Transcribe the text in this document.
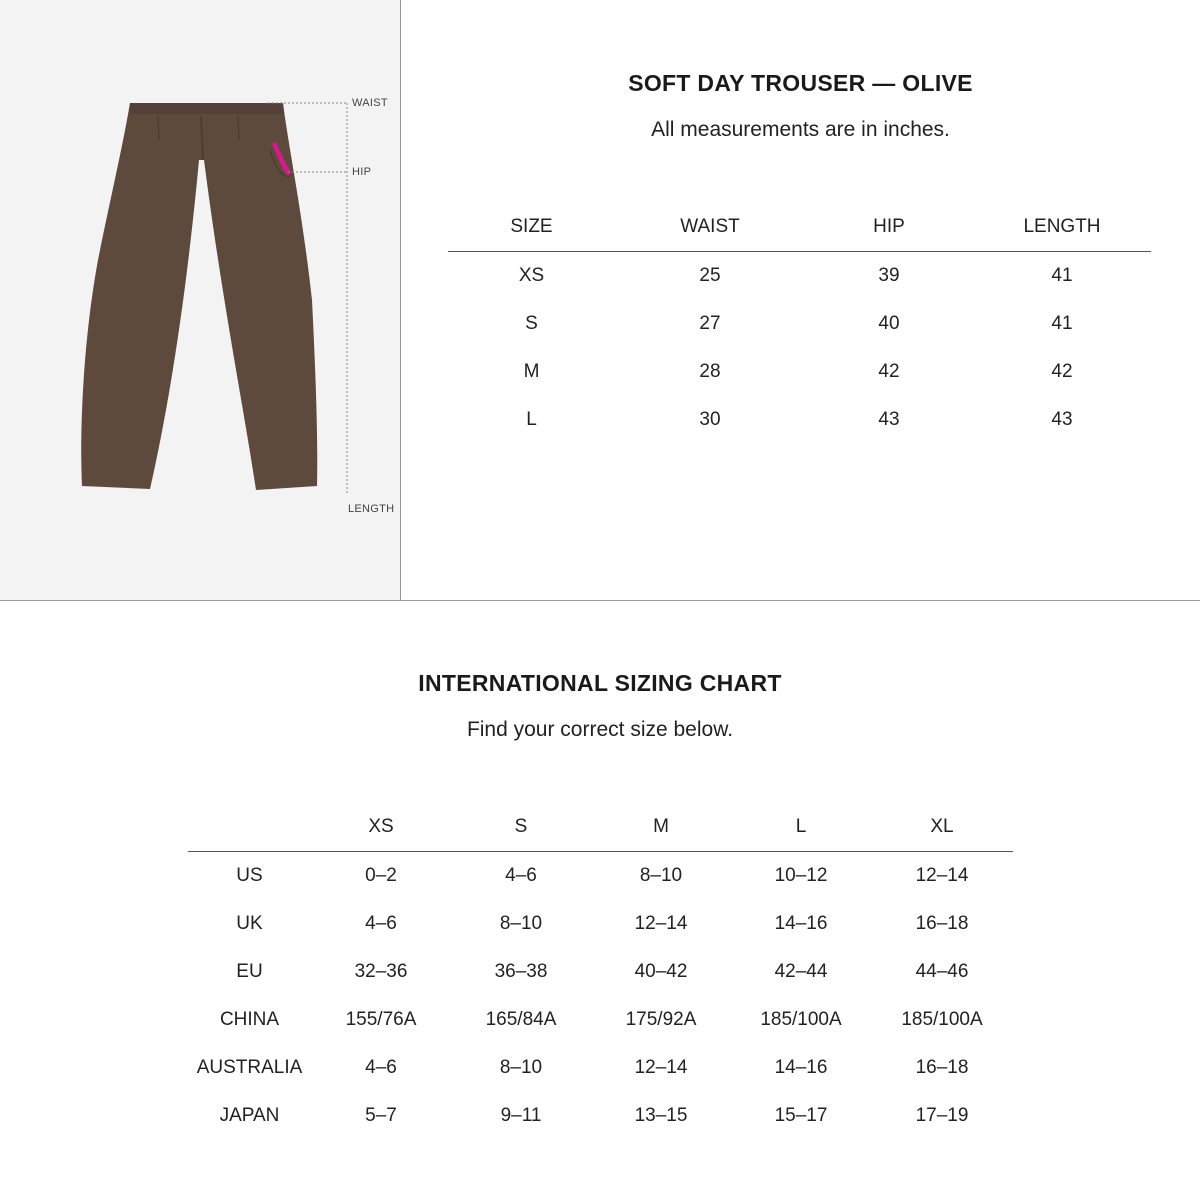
WAIST
HIP
LENGTH
SOFT DAY TROUSER — OLIVE

All measurements are in inches.

SIZE	WAIST	HIP	LENGTH
XS	25	39	41
S	27	40	41
M	28	42	42
L	30	43	43
INTERNATIONAL SIZING CHART

Find your correct size below.

	XS	S	M	L	XL
US	0–2	4–6	8–10	10–12	12–14
UK	4–6	8–10	12–14	14–16	16–18
EU	32–36	36–38	40–42	42–44	44–46
CHINA	155/76A	165/84A	175/92A	185/100A	185/100A
AUSTRALIA	4–6	8–10	12–14	14–16	16–18
JAPAN	5–7	9–11	13–15	15–17	17–19
